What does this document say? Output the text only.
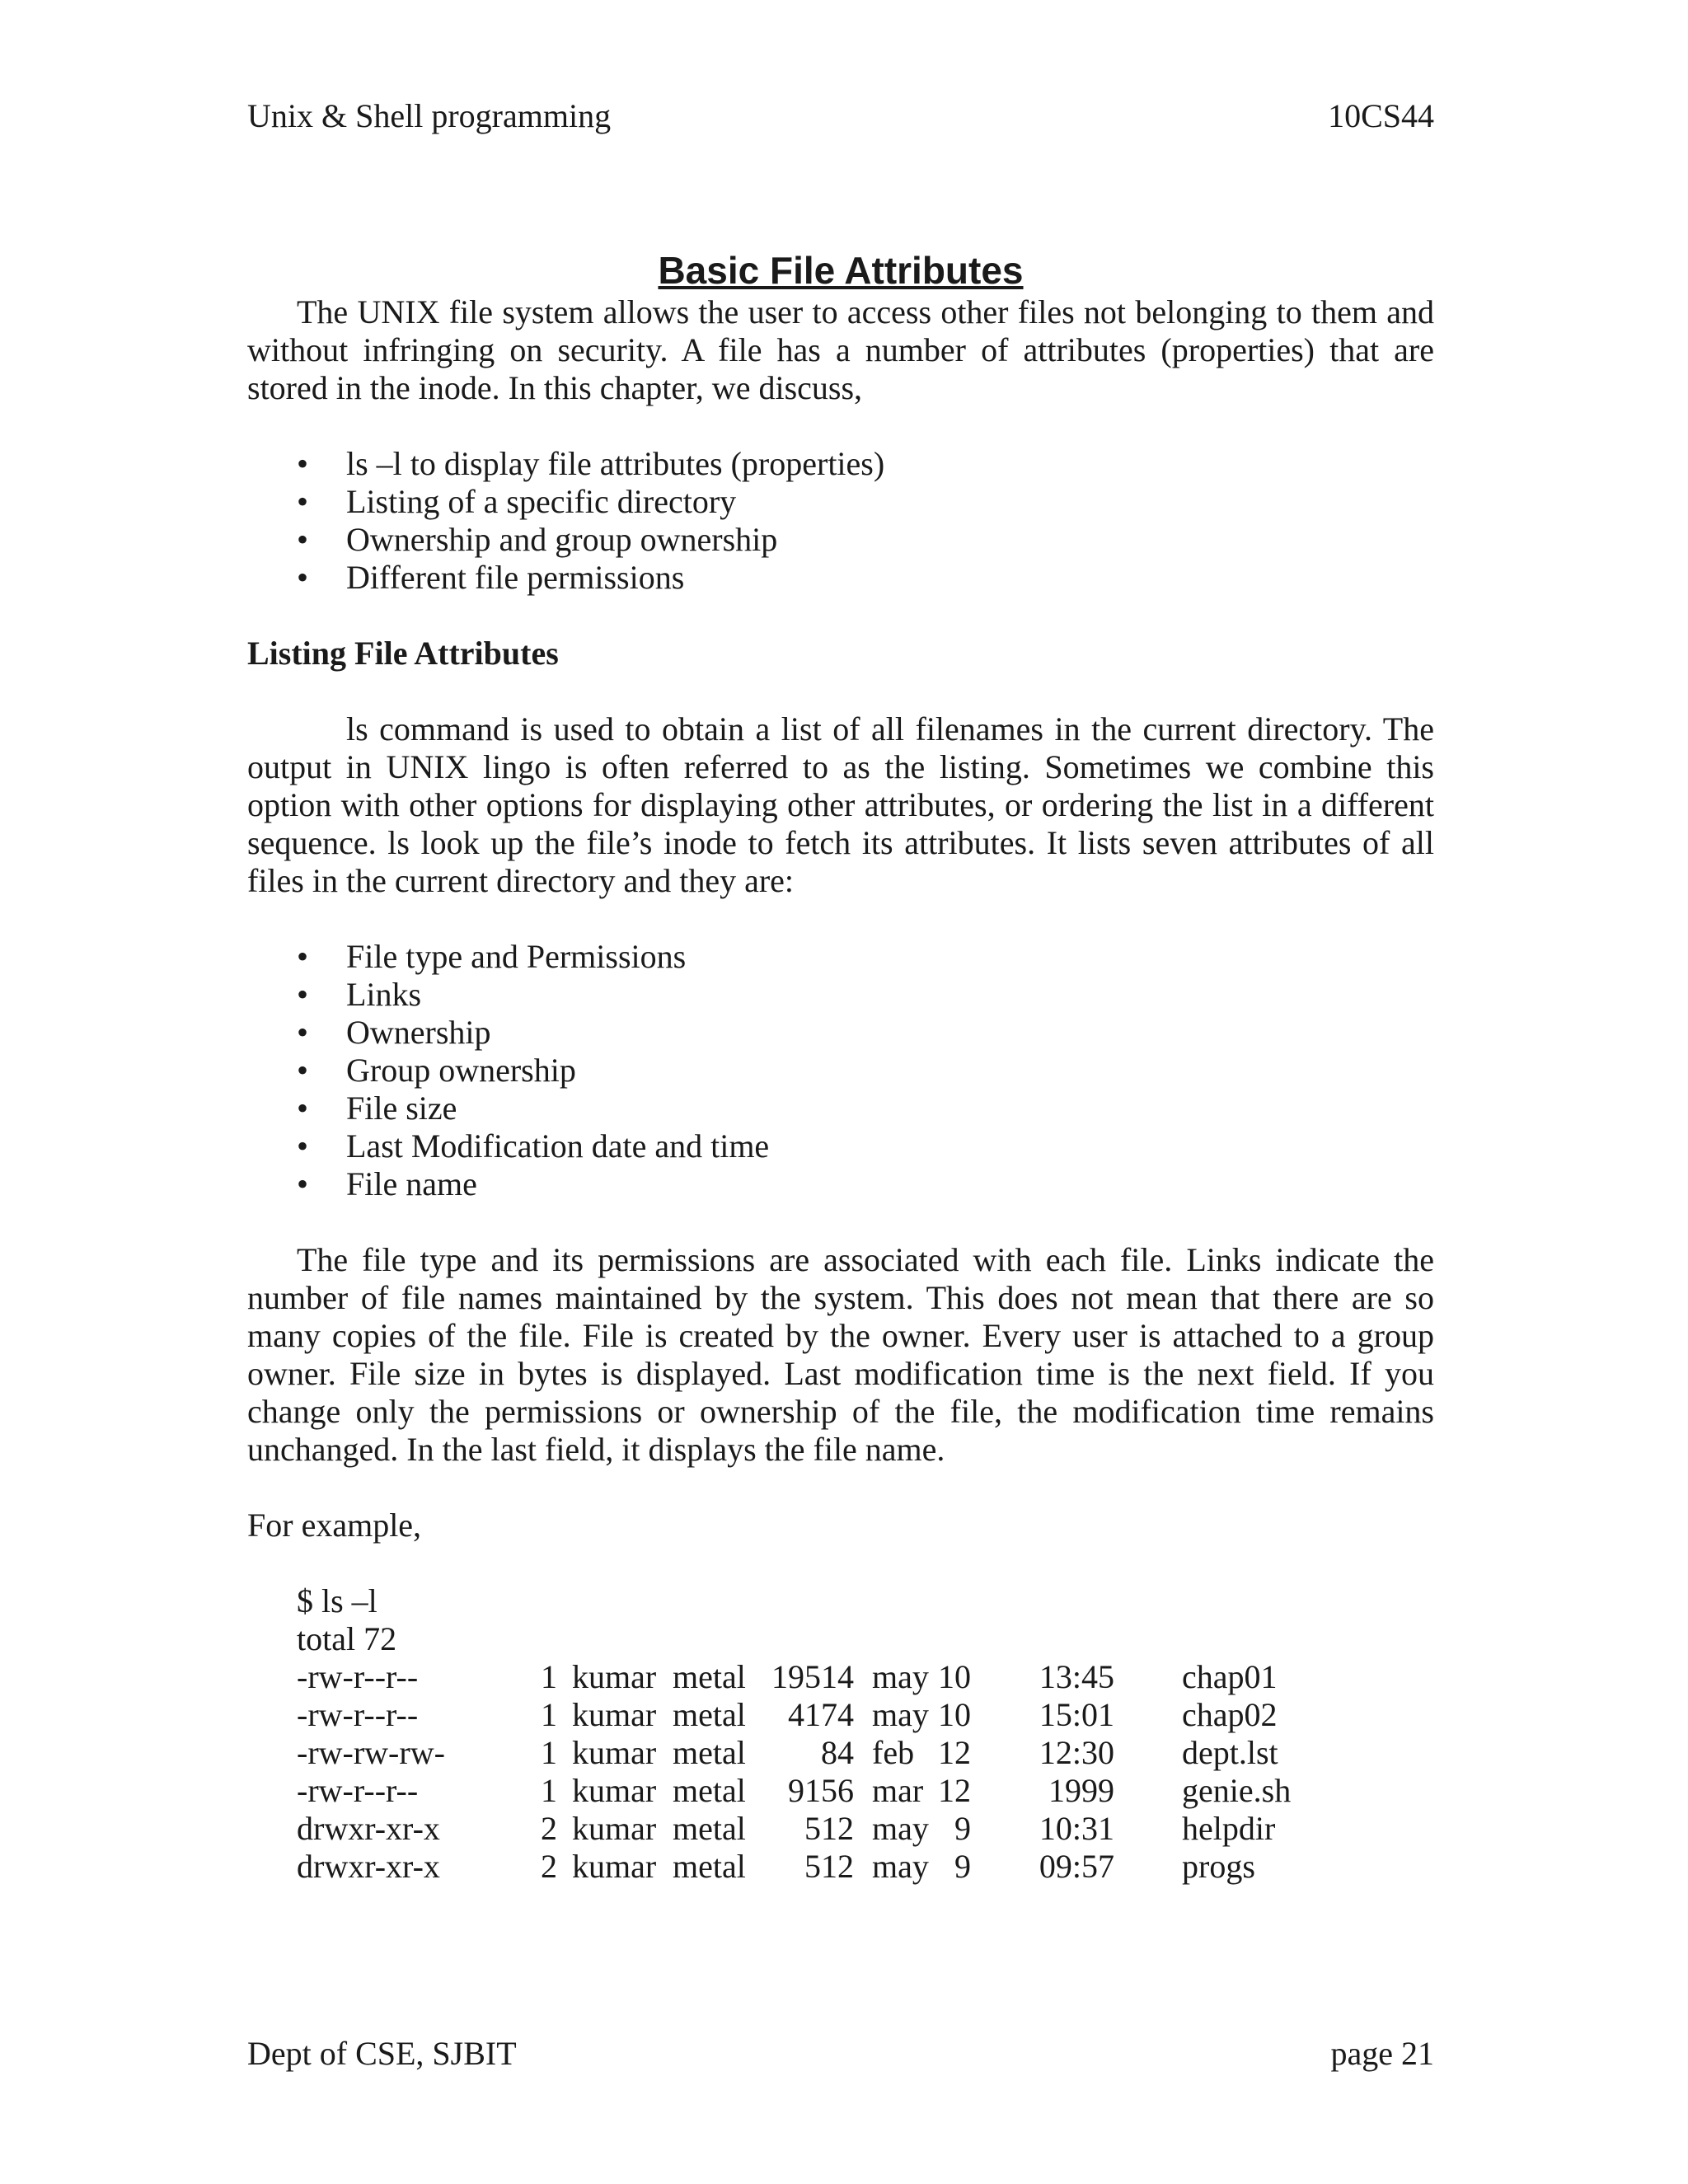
Unix & Shell programming	10CS44
Basic File Attributes

The UNIX file system allows the user to access other files not belonging to them and without infringing on security. A file has a number of attributes (properties) that are stored in the inode. In this chapter, we discuss,

• ls –l to display file attributes (properties)
• Listing of a specific directory
• Ownership and group ownership
• Different file permissions
Listing File Attributes

ls command is used to obtain a list of all filenames in the current directory. The output in UNIX lingo is often referred to as the listing. Sometimes we combine this option with other options for displaying other attributes, or ordering the list in a different sequence. ls look up the file’s inode to fetch its attributes. It lists seven attributes of all files in the current directory and they are:

• File type and Permissions
• Links
• Ownership
• Group ownership
• File size
• Last Modification date and time
• File name

The file type and its permissions are associated with each file. Links indicate the number of file names maintained by the system. This does not mean that there are so many copies of the file. File is created by the owner. Every user is attached to a group owner. File size in bytes is displayed. Last modification time is the next field. If you change only the permissions or ownership of the file, the modification time remains unchanged. In the last field, it displays the file name.

For example,
$ ls –l
total 72
-rw-r--r--	1	kumar	metal	19514	may	10	13:45	chap01
-rw-r--r--	1	kumar	metal	4174	may	10	15:01	chap02
-rw-rw-rw-	1	kumar	metal	84	feb	12	12:30	dept.lst
-rw-r--r--	1	kumar	metal	9156	mar	12	1999	genie.sh
drwxr-xr-x	2	kumar	metal	512	may	9	10:31	helpdir
drwxr-xr-x	2	kumar	metal	512	may	9	09:57	progs
Dept of CSE, SJBIT	page 21
